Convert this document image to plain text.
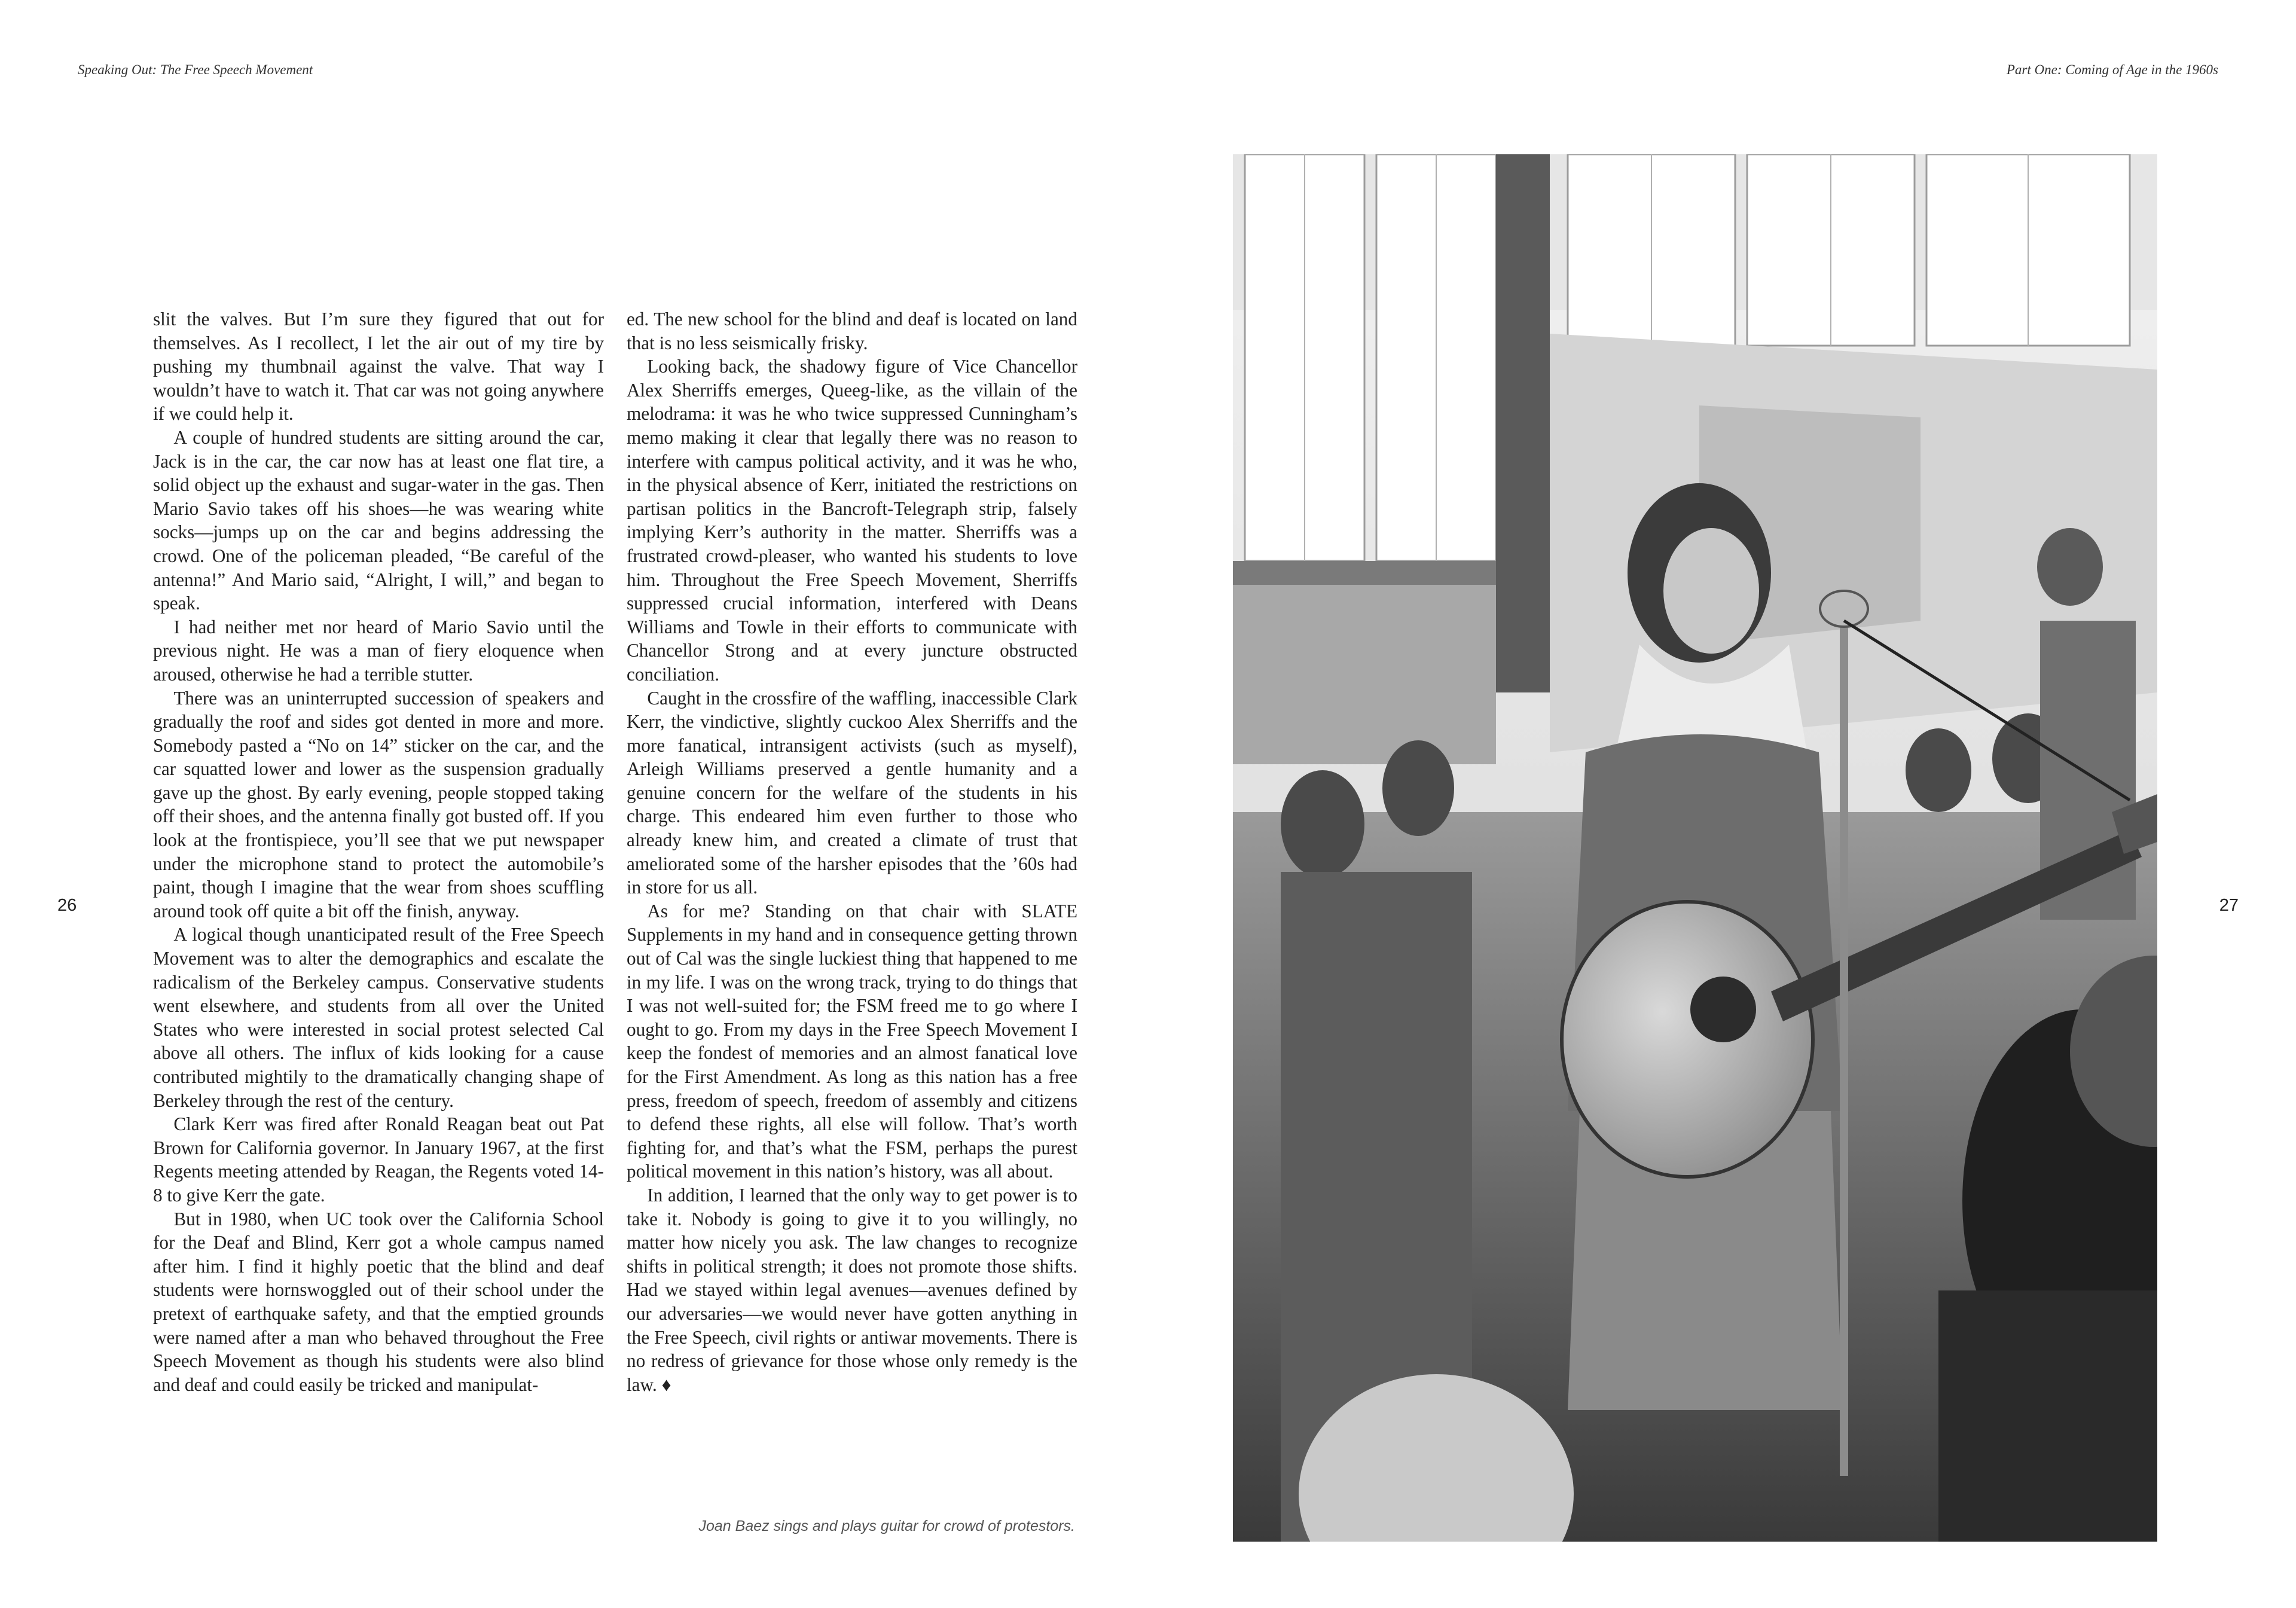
Speaking Out: The Free Speech Movement	Part One: Coming of Age in the 1960s
26	27

slit the valves. But I’m sure they figured that out for themselves. As I recollect, I let the air out of my tire by pushing my thumbnail against the valve. That way I wouldn’t have to watch it. That car was not going anywhere if we could help it.

A couple of hundred students are sitting around the car, Jack is in the car, the car now has at least one flat tire, a solid object up the exhaust and sugar-water in the gas. Then Mario Savio takes off his shoes—he was wearing white socks—jumps up on the car and begins addressing the crowd. One of the policeman pleaded, “Be careful of the antenna!” And Mario said, “Alright, I will,” and began to speak.

I had neither met nor heard of Mario Savio until the previous night. He was a man of fiery eloquence when aroused, otherwise he had a terrible stutter.

There was an uninterrupted succession of speakers and gradually the roof and sides got dented in more and more. Somebody pasted a “No on 14” sticker on the car, and the car squatted lower and lower as the suspension gradually gave up the ghost. By early evening, people stopped taking off their shoes, and the antenna finally got busted off. If you look at the frontispiece, you’ll see that we put newspaper under the microphone stand to protect the automobile’s paint, though I imagine that the wear from shoes scuffling around took off quite a bit off the finish, anyway.

A logical though unanticipated result of the Free Speech Movement was to alter the demographics and escalate the radicalism of the Berkeley campus. Conservative students went elsewhere, and students from all over the United States who were interested in social protest selected Cal above all others. The influx of kids looking for a cause contributed mightily to the dramatically changing shape of Berkeley through the rest of the century.

Clark Kerr was fired after Ronald Reagan beat out Pat Brown for California governor. In January 1967, at the first Regents meeting attended by Reagan, the Regents voted 14-8 to give Kerr the gate.

But in 1980, when UC took over the California School for the Deaf and Blind, Kerr got a whole campus named after him. I find it highly poetic that the blind and deaf students were hornswoggled out of their school under the pretext of earthquake safety, and that the emptied grounds were named after a man who behaved throughout the Free Speech Movement as though his students were also blind and deaf and could easily be tricked and manipulat-

ed. The new school for the blind and deaf is located on land that is no less seismically frisky.

Looking back, the shadowy figure of Vice Chancellor Alex Sherriffs emerges, Queeg-like, as the villain of the melodrama: it was he who twice suppressed Cunningham’s memo making it clear that legally there was no reason to interfere with campus political activity, and it was he who, in the physical absence of Kerr, initiated the restrictions on partisan politics in the Bancroft-Telegraph strip, falsely implying Kerr’s authority in the matter. Sherriffs was a frustrated crowd-pleaser, who wanted his students to love him. Throughout the Free Speech Movement, Sherriffs suppressed crucial information, interfered with Deans Williams and Towle in their efforts to communicate with Chancellor Strong and at every juncture obstructed conciliation.

Caught in the crossfire of the waffling, inaccessible Clark Kerr, the vindictive, slightly cuckoo Alex Sherriffs and the more fanatical, intransigent activists (such as myself), Arleigh Williams preserved a gentle humanity and a genuine concern for the welfare of the students in his charge. This endeared him even further to those who already knew him, and created a climate of trust that ameliorated some of the harsher episodes that the ’60s had in store for us all.

As for me? Standing on that chair with SLATE Supplements in my hand and in consequence getting thrown out of Cal was the single luckiest thing that happened to me in my life. I was on the wrong track, trying to do things that I was not well-suited for; the FSM freed me to go where I ought to go. From my days in the Free Speech Movement I keep the fondest of memories and an almost fanatical love for the First Amendment. As long as this nation has a free press, freedom of speech, freedom of assembly and citizens to defend these rights, all else will follow. That’s worth fighting for, and that’s what the FSM, perhaps the purest political movement in this nation’s history, was all about.

In addition, I learned that the only way to get power is to take it. Nobody is going to give it to you willingly, no matter how nicely you ask. The law changes to recognize shifts in political strength; it does not promote those shifts. Had we stayed within legal avenues—avenues defined by our adversaries—we would never have gotten anything in the Free Speech, civil rights or antiwar movements. There is no redress of grievance for those whose only remedy is the law. ♦

Joan Baez sings and plays guitar for crowd of protestors.
